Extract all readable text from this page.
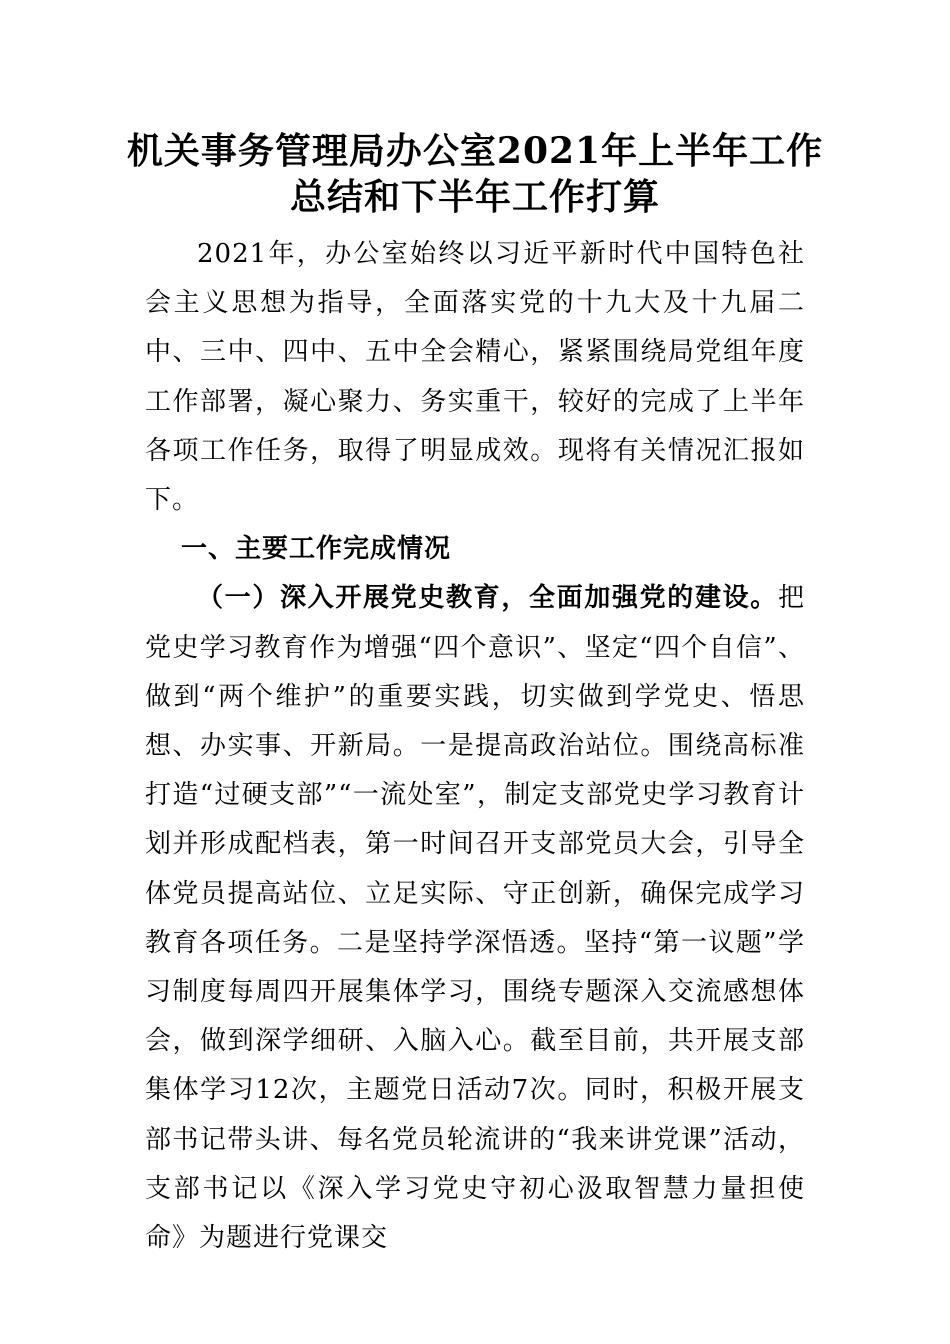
机关事务管理局办公室2021年上半年工作
总结和下半年工作打算

2021年，办公室始终以习近平新时代中国特色社会主义思想为指导，全面落实党的十九大及十九届二中、三中、四中、五中全会精心，紧紧围绕局党组年度工作部署，凝心聚力、务实重干，较好的完成了上半年各项工作任务，取得了明显成效。现将有关情况汇报如下。

一、主要工作完成情况

（一）深入开展党史教育，全面加强党的建设。把党史学习教育作为增强“四个意识”、坚定“四个自信”、做到“两个维护”的重要实践，切实做到学党史、悟思想、办实事、开新局。一是提高政治站位。围绕高标准打造“过硬支部”“一流处室”，制定支部党史学习教育计划并形成配档表，第一时间召开支部党员大会，引导全体党员提高站位、立足实际、守正创新，确保完成学习教育各项任务。二是坚持学深悟透。坚持“第一议题”学习制度每周四开展集体学习，围绕专题深入交流感想体会，做到深学细研、入脑入心。截至目前，共开展支部集体学习12次，主题党日活动7次。同时，积极开展支部书记带头讲、每名党员轮流讲的“我来讲党课”活动，支部书记以《深入学习党史守初心汲取智慧力量担使命》为题进行党课交
